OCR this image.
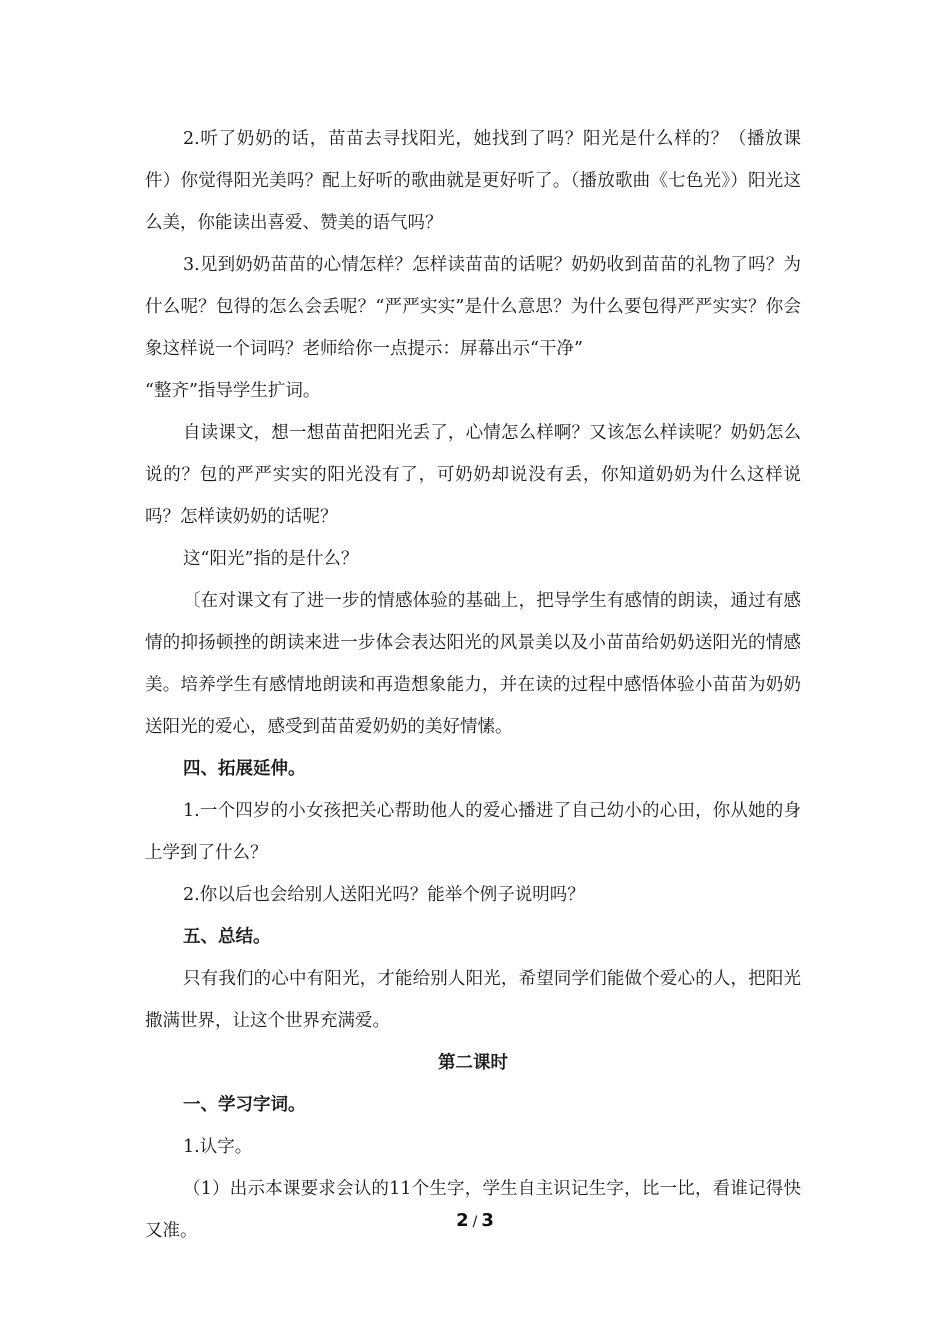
2.听了奶奶的话，苗苗去寻找阳光，她找到了吗？阳光是什么样的？（播放课件）你觉得阳光美吗？配上好听的歌曲就是更好听了。（播放歌曲《七色光》）阳光这么美，你能读出喜爱、赞美的语气吗？

3.见到奶奶苗苗的心情怎样？怎样读苗苗的话呢？奶奶收到苗苗的礼物了吗？为什么呢？包得的怎么会丢呢？“严严实实”是什么意思？为什么要包得严严实实？你会象这样说一个词吗？老师给你一点提示：屏幕出示“干净”

“整齐”指导学生扩词。

自读课文，想一想苗苗把阳光丢了，心情怎么样啊？又该怎么样读呢？奶奶怎么说的？包的严严实实的阳光没有了，可奶奶却说没有丢，你知道奶奶为什么这样说吗？怎样读奶奶的话呢？

这“阳光”指的是什么？

〔在对课文有了进一步的情感体验的基础上，把导学生有感情的朗读，通过有感情的抑扬顿挫的朗读来进一步体会表达阳光的风景美以及小苗苗给奶奶送阳光的情感美。培养学生有感情地朗读和再造想象能力，并在读的过程中感悟体验小苗苗为奶奶送阳光的爱心，感受到苗苗爱奶奶的美好情愫。

四、拓展延伸。

1.一个四岁的小女孩把关心帮助他人的爱心播进了自己幼小的心田，你从她的身上学到了什么？

2.你以后也会给别人送阳光吗？能举个例子说明吗？

五、总结。

只有我们的心中有阳光，才能给别人阳光，希望同学们能做个爱心的人，把阳光撒满世界，让这个世界充满爱。

第二课时

一、学习字词。

1.认字。

（1）出示本课要求会认的11个生字，学生自主识记生字，比一比，看谁记得快又准。	2 / 3
